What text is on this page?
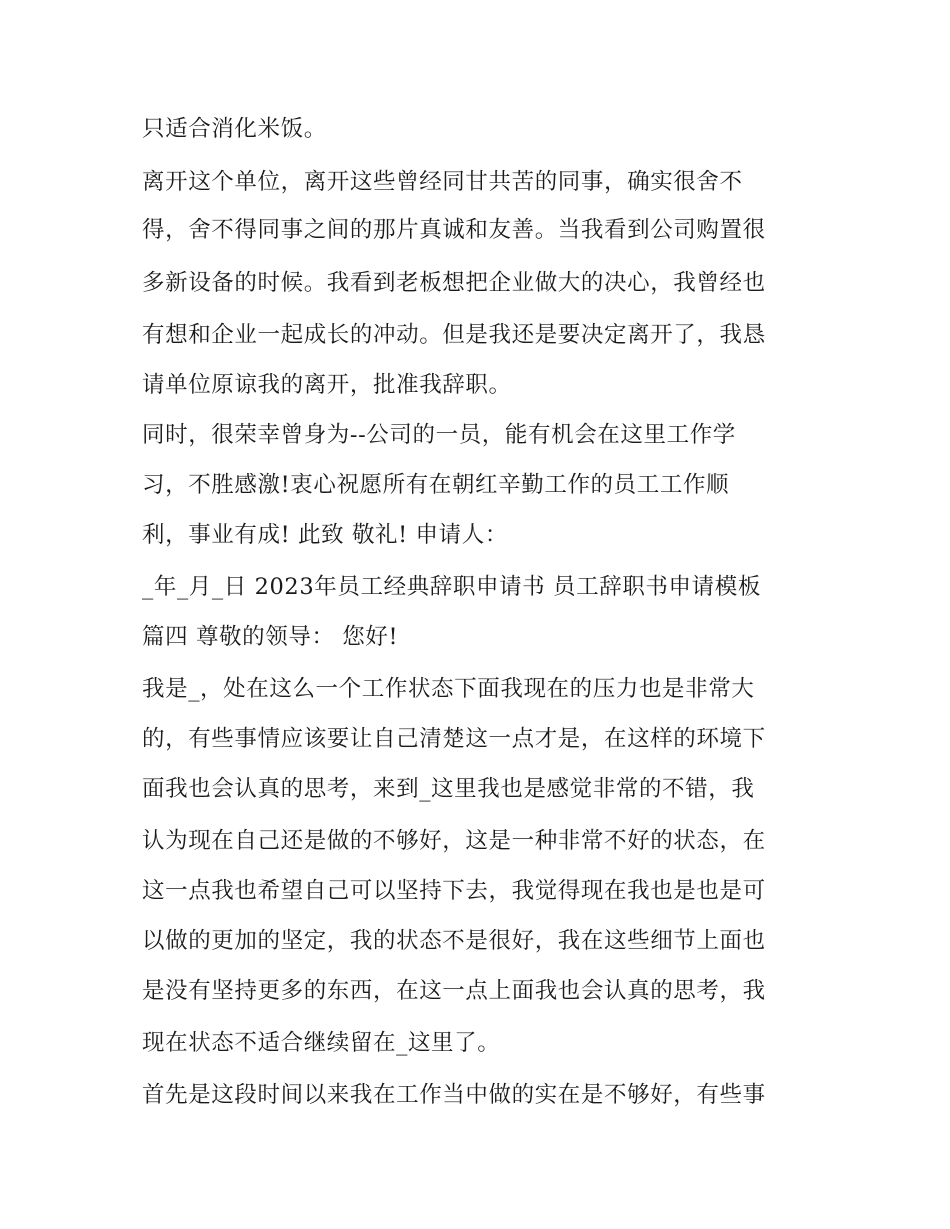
只适合消化米饭。
离开这个单位，离开这些曾经同甘共苦的同事，确实很舍不
得，舍不得同事之间的那片真诚和友善。当我看到公司购置很
多新设备的时候。我看到老板想把企业做大的决心，我曾经也
有想和企业一起成长的冲动。但是我还是要决定离开了，我恳
请单位原谅我的离开，批准我辞职。
同时，很荣幸曾身为--公司的一员，能有机会在这里工作学
习，不胜感激!衷心祝愿所有在朝红辛勤工作的员工工作顺
利，事业有成! 此致 敬礼! 申请人：
_年_月_日 2023年员工经典辞职申请书 员工辞职书申请模板
篇四 尊敬的领导： 您好!
我是_，处在这么一个工作状态下面我现在的压力也是非常大
的，有些事情应该要让自己清楚这一点才是，在这样的环境下
面我也会认真的思考，来到_这里我也是感觉非常的不错，我
认为现在自己还是做的不够好，这是一种非常不好的状态，在
这一点我也希望自己可以坚持下去，我觉得现在我也是也是可
以做的更加的坚定，我的状态不是很好，我在这些细节上面也
是没有坚持更多的东西，在这一点上面我也会认真的思考，我
现在状态不适合继续留在_这里了。
首先是这段时间以来我在工作当中做的实在是不够好，有些事
